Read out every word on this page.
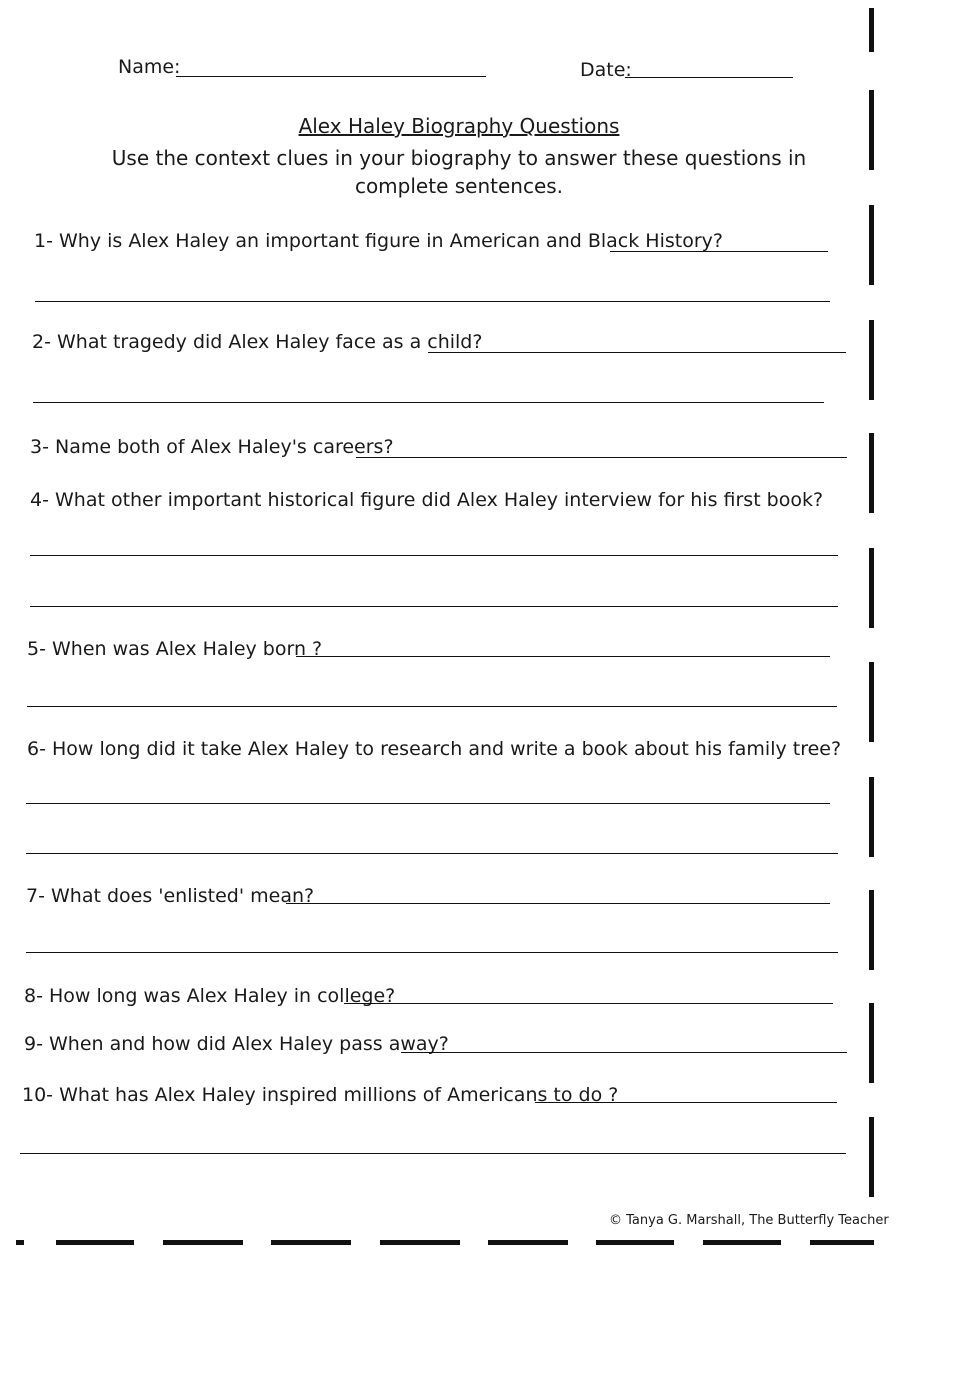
Name:	Date:
Alex Haley Biography Questions
Use the context clues in your biography to answer these questions in complete sentences.
1- Why is Alex Haley an important figure in American and Black History?
2- What tragedy did Alex Haley face as a child?
3- Name both of Alex Haley's careers?
4- What other important historical figure did Alex Haley interview for his first book?
5- When was Alex Haley born ?
6- How long did it take Alex Haley to research and write a book about his family tree?
7- What does 'enlisted' mean?
8- How long was Alex Haley in college?
9- When and how did Alex Haley pass away?
10- What has Alex Haley inspired millions of Americans to do ?
© Tanya G. Marshall, The Butterfly Teacher
